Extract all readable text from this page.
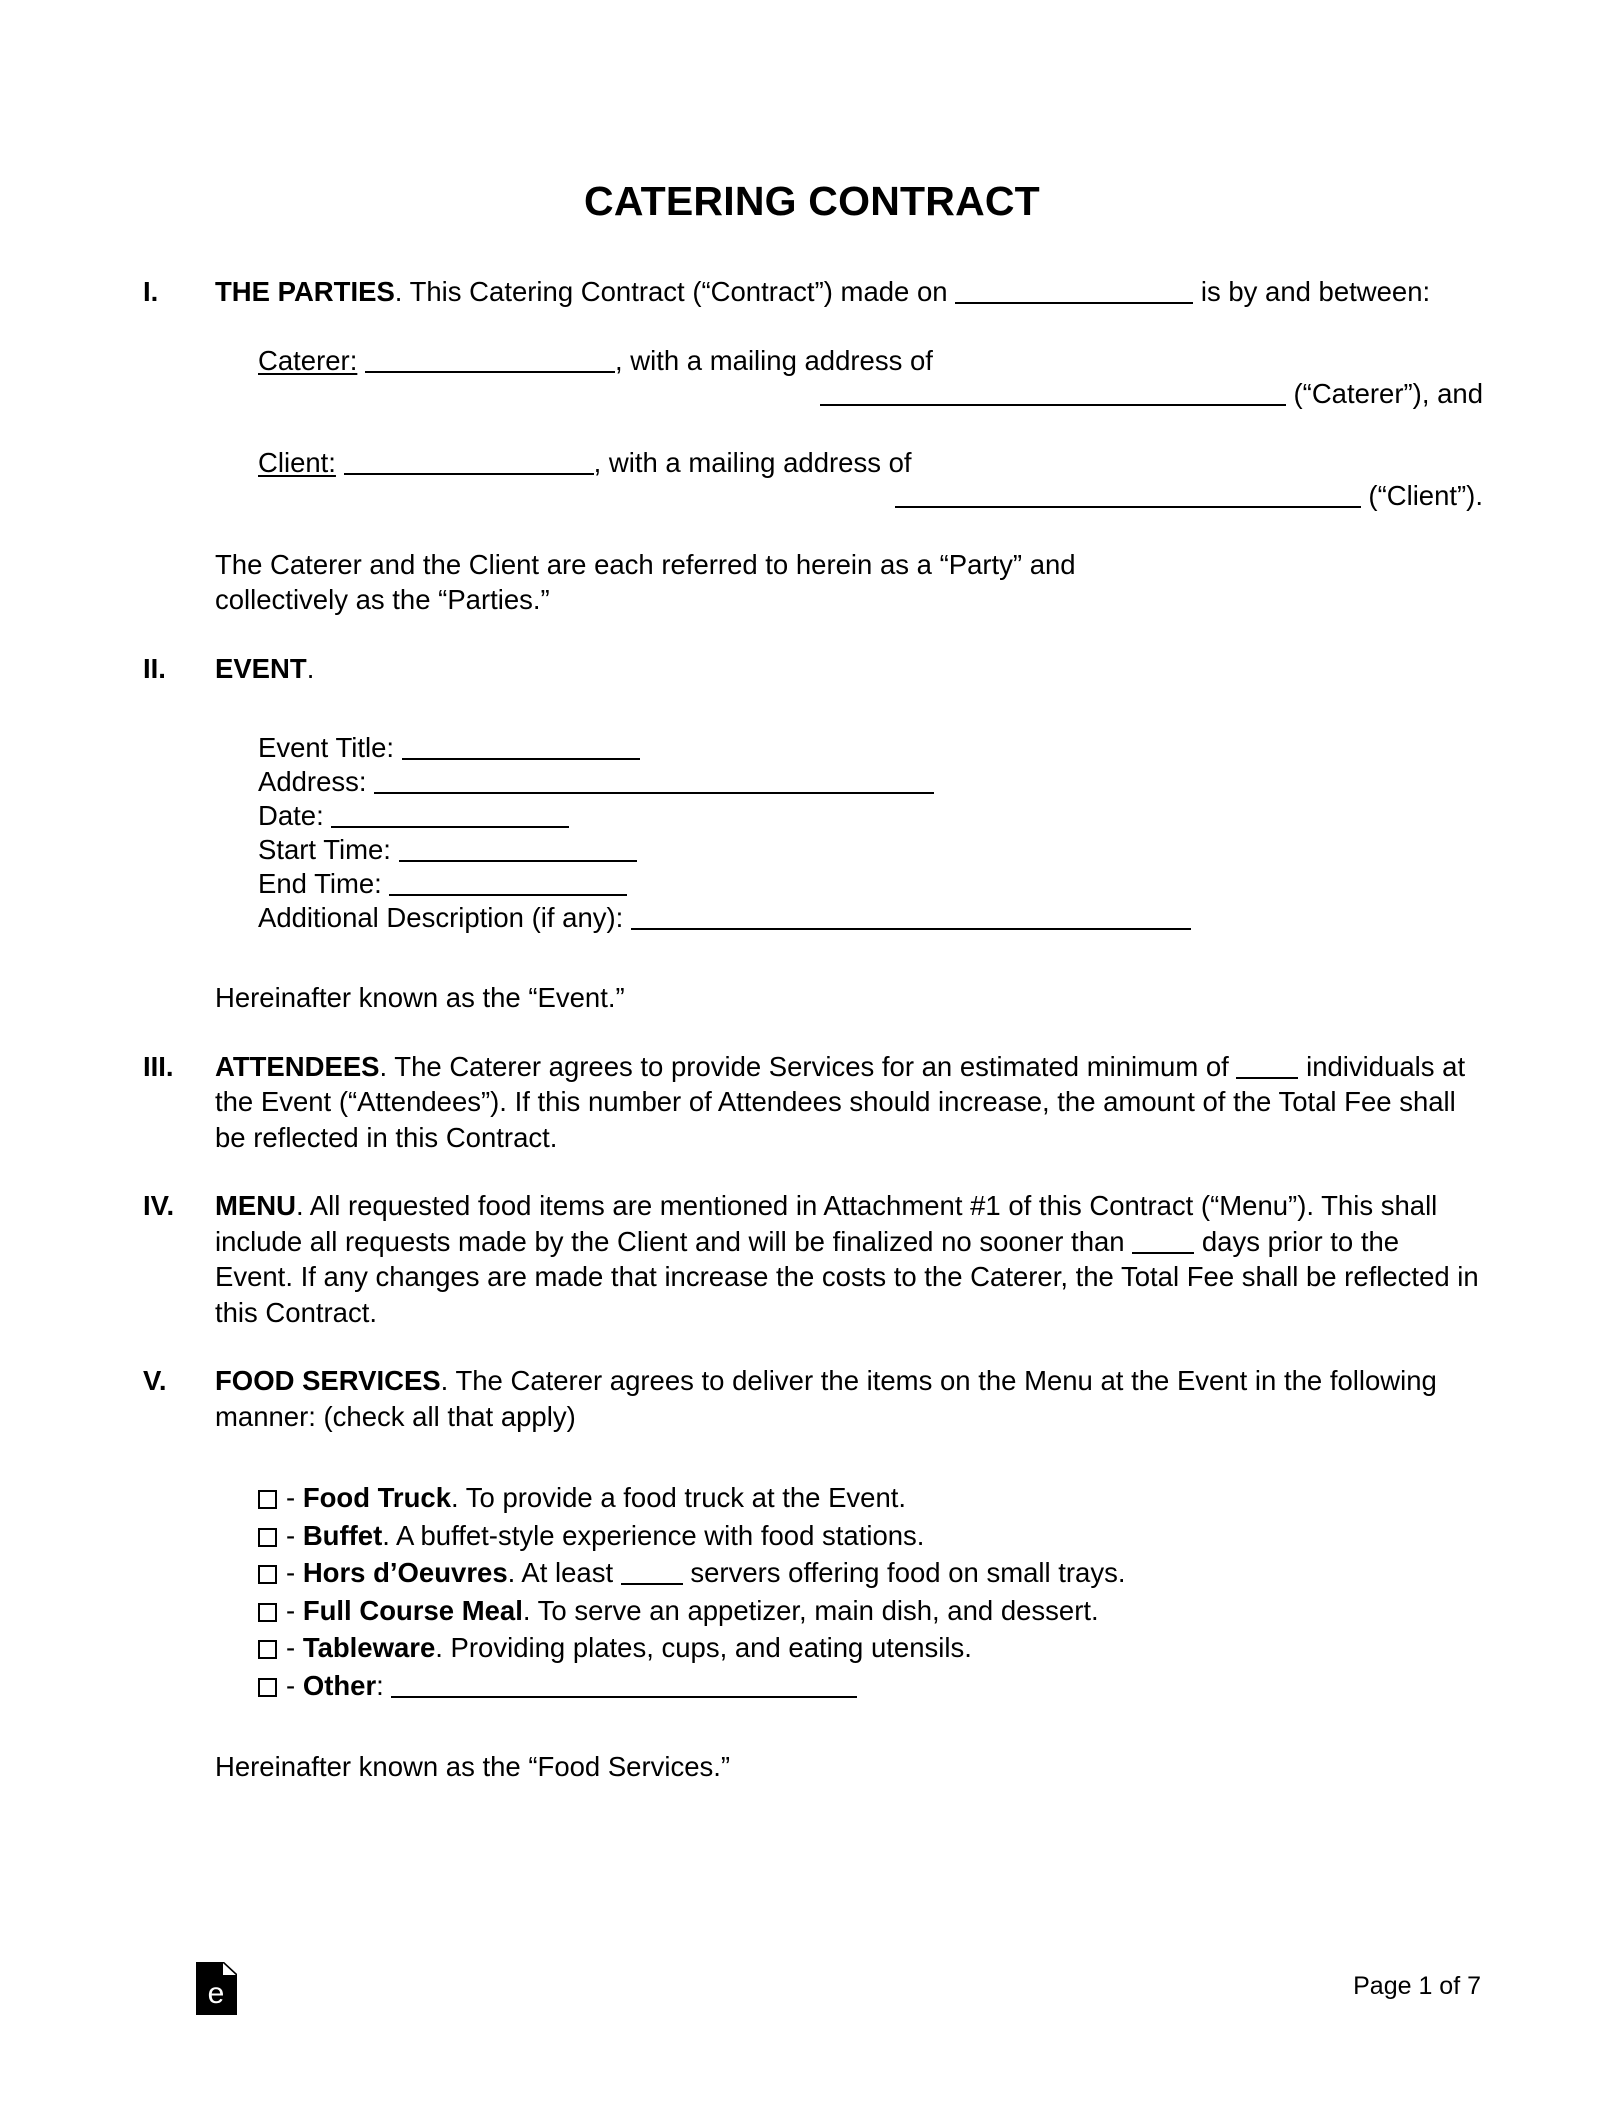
CATERING CONTRACT
I. THE PARTIES. This Catering Contract (“Contract”) made on	is by and between:
Caterer:	, with a mailing address of
(“Caterer”), and
Client:	, with a mailing address of
(“Client”).
The Caterer and the Client are each referred to herein as a “Party” and
collectively as the “Parties.”
II. EVENT.
Event Title:
Address:
Date:
Start Time:
End Time:
Additional Description (if any):
Hereinafter known as the “Event.”
III. ATTENDEES. The Caterer agrees to provide Services for an estimated minimum of	individuals at the Event (“Attendees”). If this number of Attendees should increase, the amount of the Total Fee shall be reflected in this Contract.
IV. MENU. All requested food items are mentioned in Attachment #1 of this Contract (“Menu”). This shall include all requests made by the Client and will be finalized no sooner than	days prior to the Event. If any changes are made that increase the costs to the Caterer, the Total Fee shall be reflected in this Contract.
V. FOOD SERVICES. The Caterer agrees to deliver the items on the Menu at the Event in the following manner: (check all that apply)
- Food Truck. To provide a food truck at the Event.
- Buffet. A buffet-style experience with food stations.
- Hors d’Oeuvres. At least	servers offering food on small trays.
- Full Course Meal. To serve an appetizer, main dish, and dessert.
- Tableware. Providing plates, cups, and eating utensils.
- Other:
Hereinafter known as the “Food Services.”
e	Page 1 of 7
